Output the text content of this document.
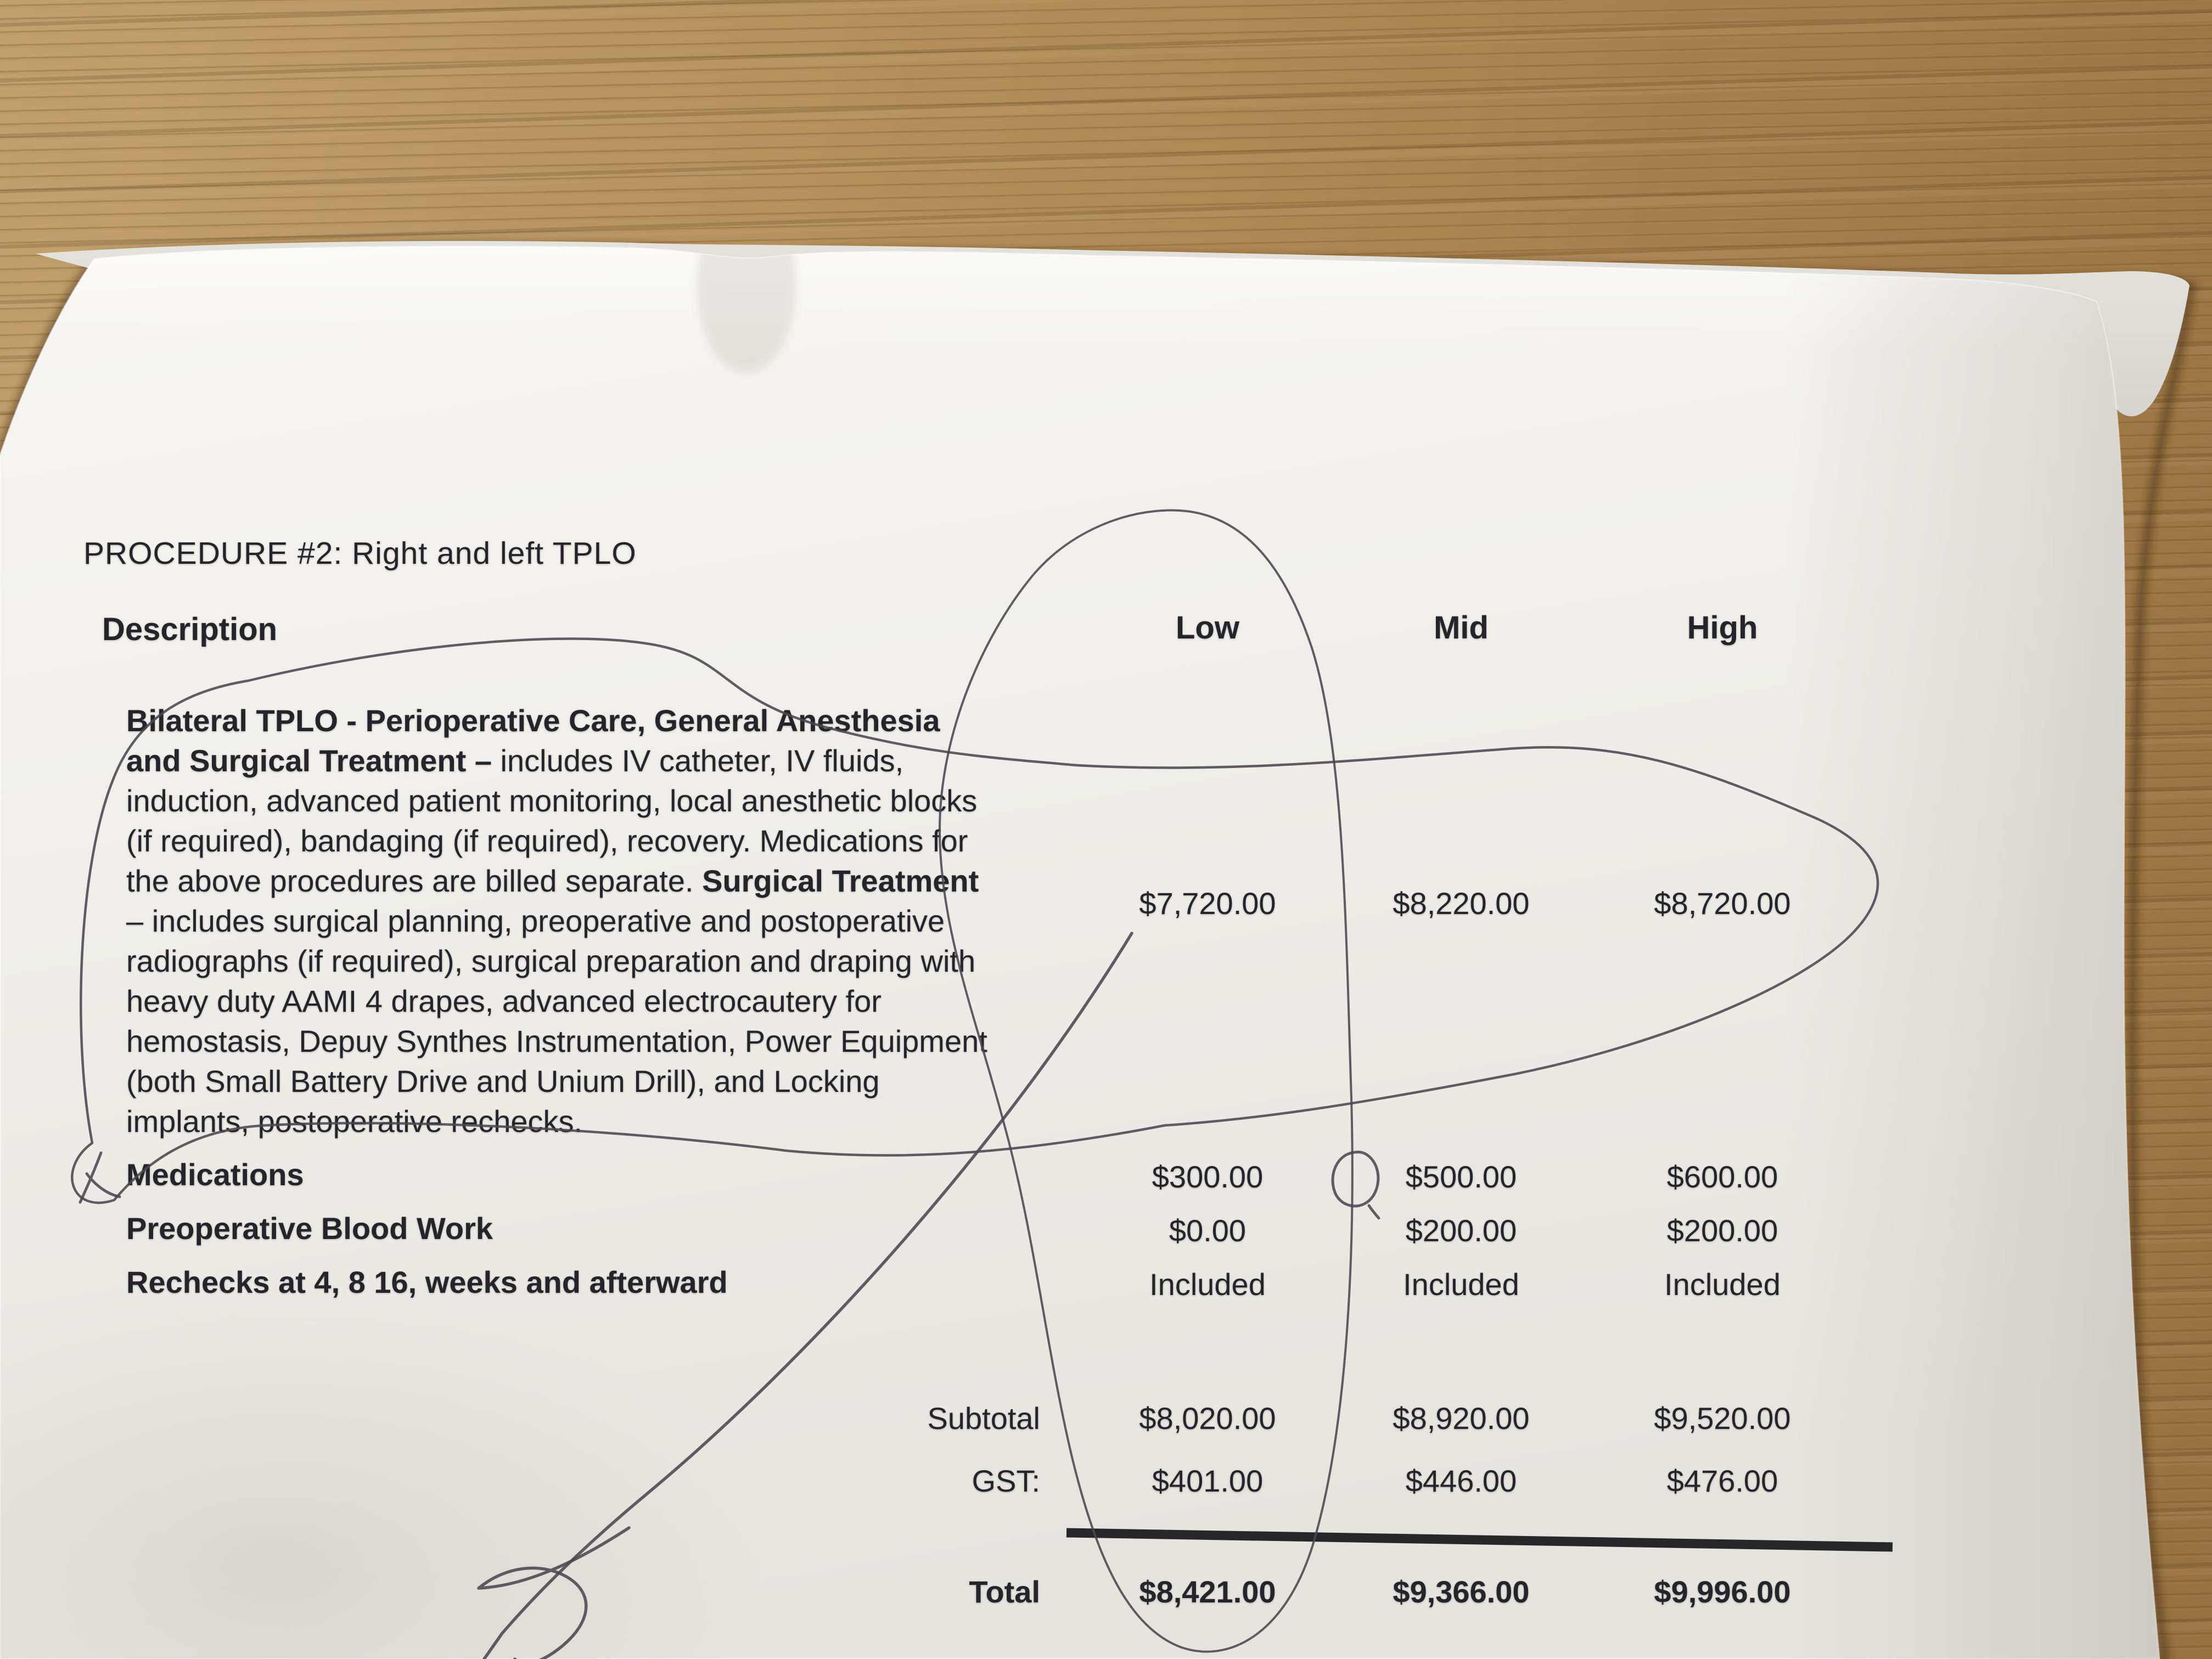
PROCEDURE #2: Right and left TPLO
Description	Low	Mid	High
Bilateral TPLO - Perioperative Care, General Anesthesia
and Surgical Treatment – includes IV catheter, IV fluids,
induction, advanced patient monitoring, local anesthetic blocks
(if required), bandaging (if required), recovery. Medications for
the above procedures are billed separate. Surgical Treatment
– includes surgical planning, preoperative and postoperative
radiographs (if required), surgical preparation and draping with
heavy duty AAMI 4 drapes, advanced electrocautery for
hemostasis, Depuy Synthes Instrumentation, Power Equipment
(both Small Battery Drive and Unium Drill), and Locking
implants, postoperative rechecks.
$7,720.00	$8,220.00	$8,720.00
Medications	$300.00	$500.00	$600.00
Preoperative Blood Work	$0.00	$200.00	$200.00
Rechecks at 4, 8 16, weeks and afterward	Included	Included	Included
Subtotal	$8,020.00	$8,920.00	$9,520.00
GST:	$401.00	$446.00	$476.00
Total	$8,421.00	$9,366.00	$9,996.00
